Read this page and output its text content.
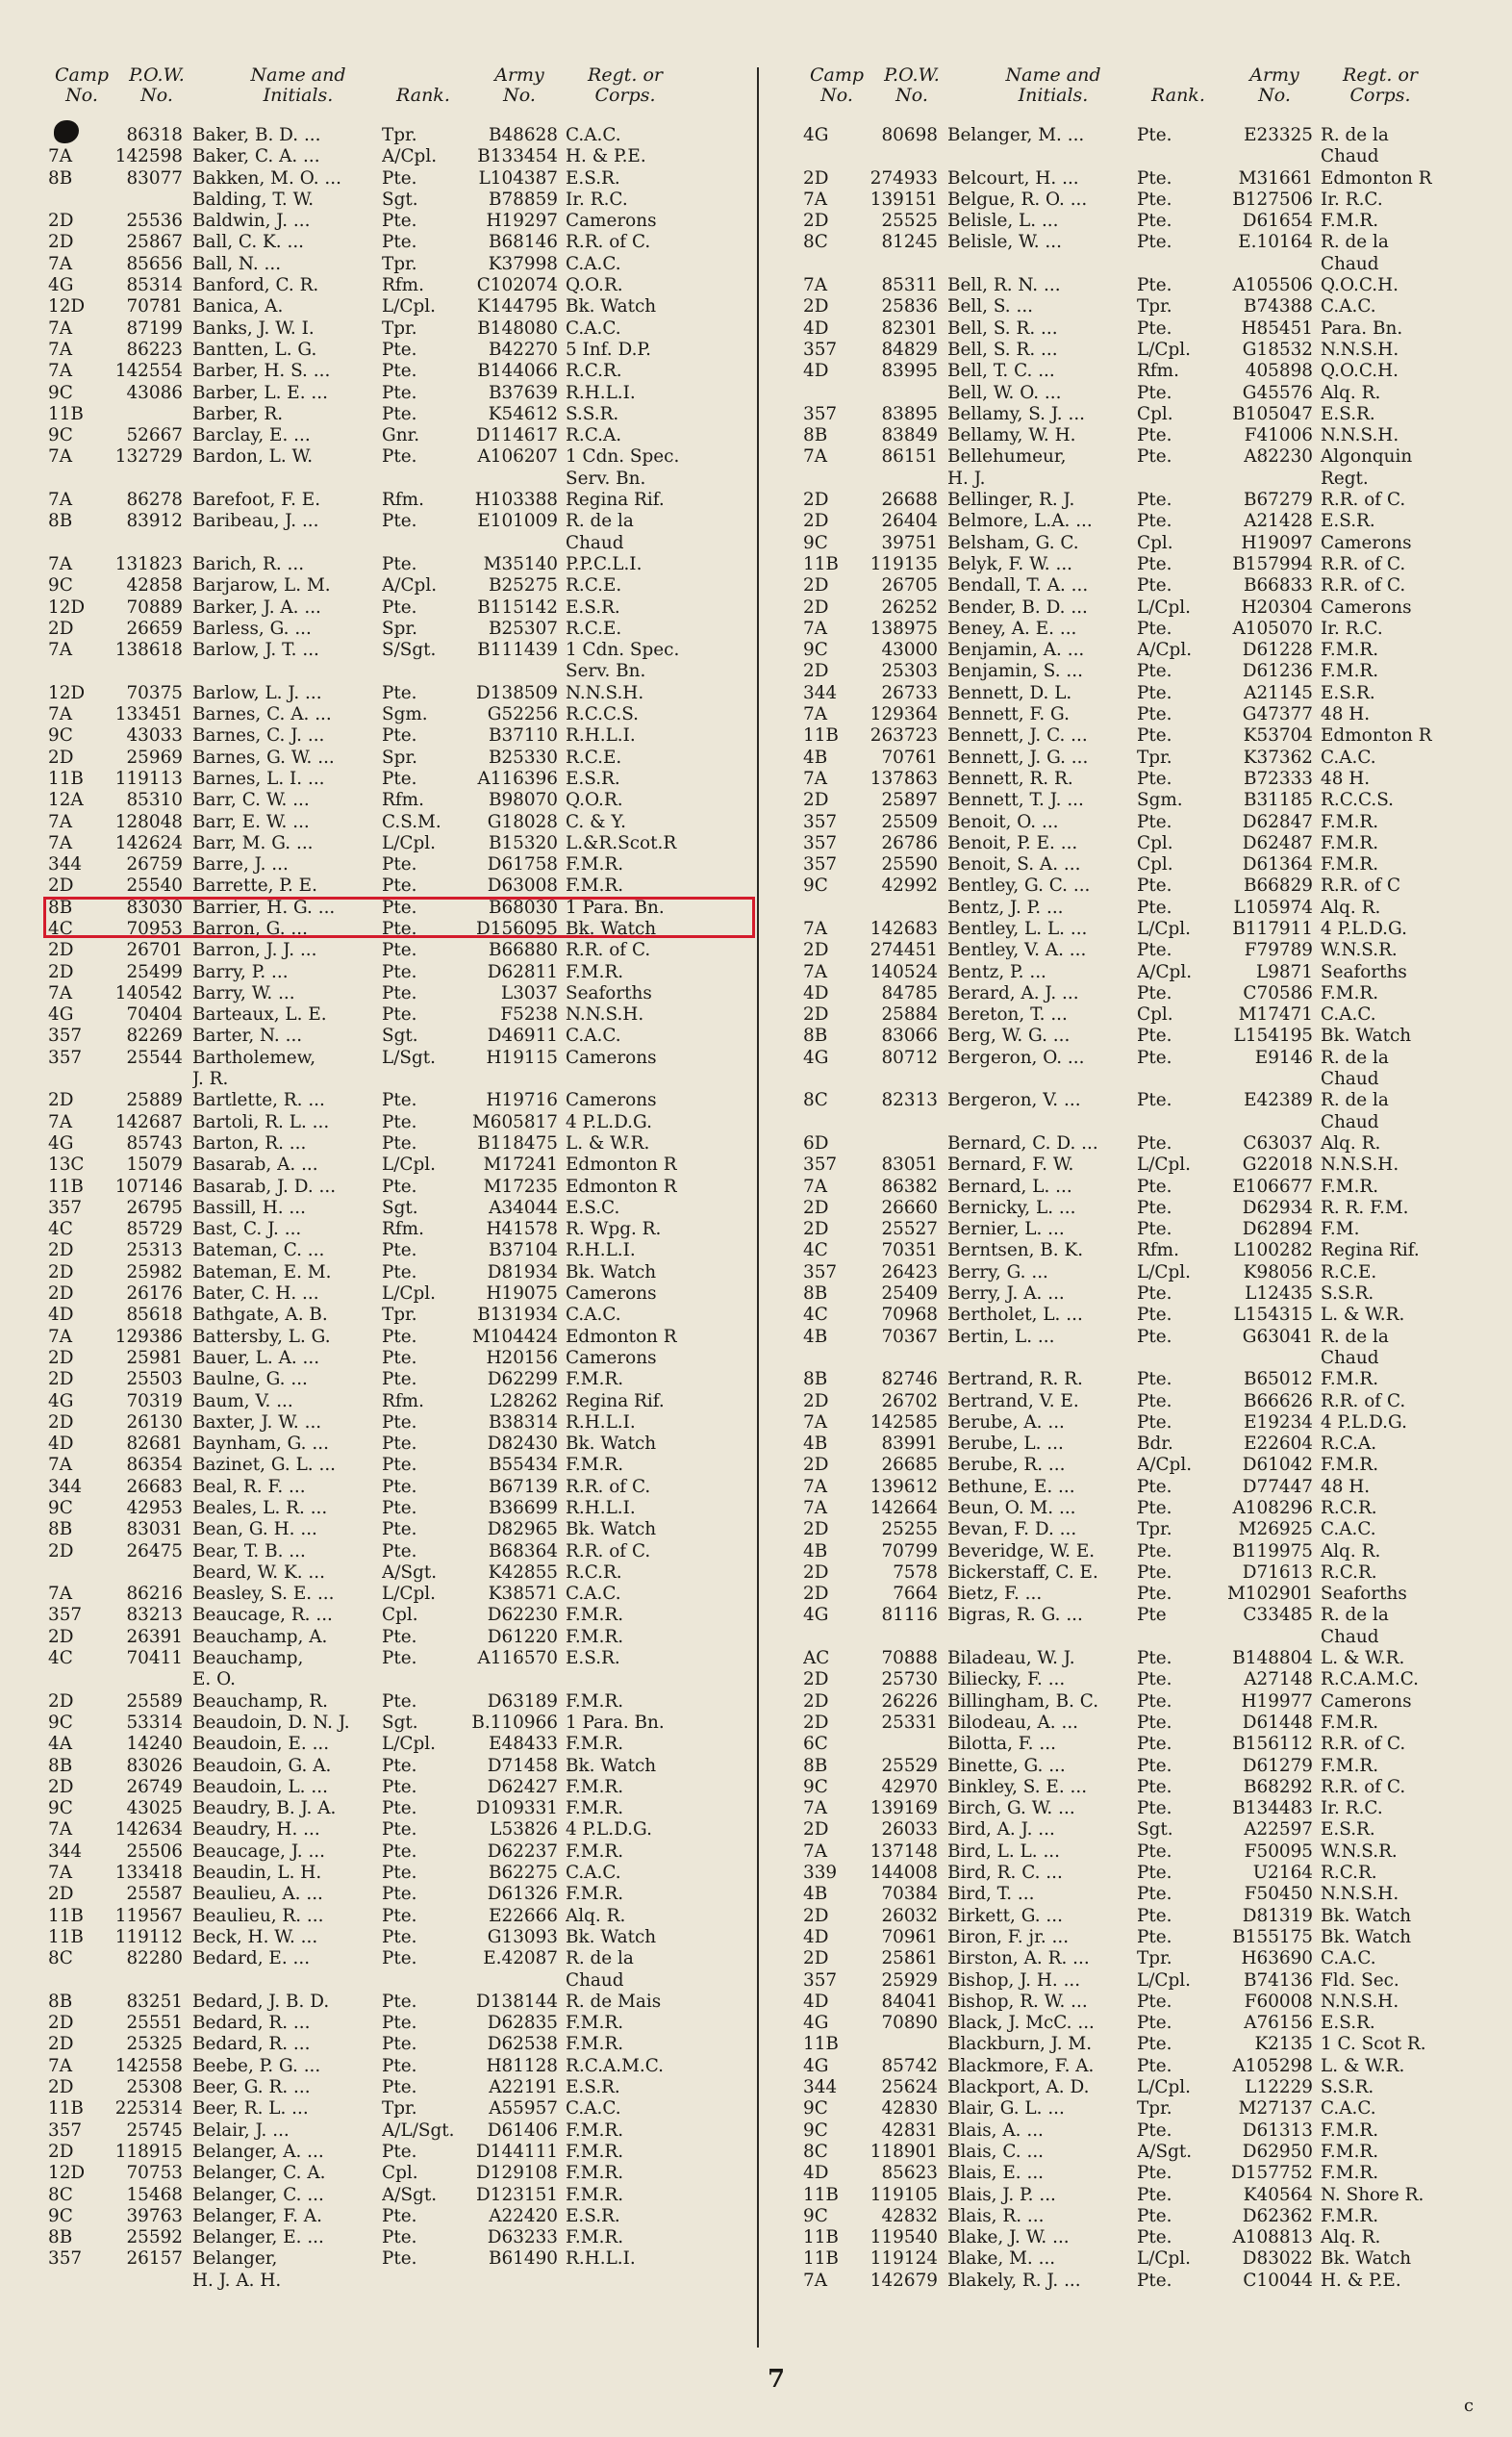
Camp
No.
P.O.W.
No.
Name and
Initials.	Rank.
Army
No.
Regt. or
Corps.
86318 Baker, B. D. ...	Tpr.	B48628 C.A.C.
7A	142598 Baker, C. A. ...	A/Cpl.	B133454 H. & P.E.
8B	83077 Bakken, M. O. ...	Pte.	L104387 E.S.R.
Balding, T. W.	Sgt.	B78859 Ir. R.C.
2D	25536 Baldwin, J. ...	Pte.	H19297 Camerons
2D	25867 Ball, C. K. ...	Pte.	B68146 R.R. of C.
7A	85656 Ball, N. ...	Tpr.	K37998 C.A.C.
4G	85314 Banford, C. R.	Rfm.	C102074 Q.O.R.
12D	70781 Banica, A.	L/Cpl.	K144795 Bk. Watch
7A	87199 Banks, J. W. I.	Tpr.	B148080 C.A.C.
7A	86223 Bantten, L. G.	Pte.	B42270 5 Inf. D.P.
7A	142554 Barber, H. S. ...	Pte.	B144066 R.C.R.
9C	43086 Barber, L. E. ...	Pte.	B37639 R.H.L.I.
11B	Barber, R.	Pte.	K54612 S.S.R.
9C	52667 Barclay, E. ...	Gnr.	D114617 R.C.A.
7A	132729 Bardon, L. W.	Pte.	A106207 1 Cdn. Spec.
Serv. Bn.
7A	86278 Barefoot, F. E.	Rfm.	H103388 Regina Rif.
8B	83912 Baribeau, J. ...	Pte.	E101009 R. de la
Chaud
7A	131823 Barich, R. ...	Pte.	M35140 P.P.C.L.I.
9C	42858 Barjarow, L. M.	A/Cpl.	B25275 R.C.E.
12D	70889 Barker, J. A. ...	Pte.	B115142 E.S.R.
2D	26659 Barless, G. ...	Spr.	B25307 R.C.E.
7A	138618 Barlow, J. T. ...	S/Sgt.	B111439 1 Cdn. Spec.
Serv. Bn.
12D	70375 Barlow, L. J. ...	Pte.	D138509 N.N.S.H.
7A	133451 Barnes, C. A. ...	Sgm.	G52256 R.C.C.S.
9C	43033 Barnes, C. J. ...	Pte.	B37110 R.H.L.I.
2D	25969 Barnes, G. W. ...	Spr.	B25330 R.C.E.
11B	119113 Barnes, L. I. ...	Pte.	A116396 E.S.R.
12A	85310 Barr, C. W. ...	Rfm.	B98070 Q.O.R.
7A	128048 Barr, E. W. ...	C.S.M.	G18028 C. & Y.
7A	142624 Barr, M. G. ...	L/Cpl.	B15320 L.&R.Scot.R
344	26759 Barre, J. ...	Pte.	D61758 F.M.R.
2D	25540 Barrette, P. E.	Pte.	D63008 F.M.R.
8B	83030 Barrier, H. G. ...	Pte.	B68030 1 Para. Bn.
4C	70953 Barron, G. ...	Pte.	D156095 Bk. Watch
2D	26701 Barron, J. J. ...	Pte.	B66880 R.R. of C.
2D	25499 Barry, P. ...	Pte.	D62811 F.M.R.
7A	140542 Barry, W. ...	Pte.	L3037 Seaforths
4G	70404 Barteaux, L. E.	Pte.	F5238 N.N.S.H.
357	82269 Barter, N. ...	Sgt.	D46911 C.A.C.
357	25544 Bartholemew,	L/Sgt.	H19115 Camerons
J. R.
2D	25889 Bartlette, R. ...	Pte.	H19716 Camerons
7A	142687 Bartoli, R. L. ...	Pte.	M605817 4 P.L.D.G.
4G	85743 Barton, R. ...	Pte.	B118475 L. & W.R.
13C	15079 Basarab, A. ...	L/Cpl.	M17241 Edmonton R
11B	107146 Basarab, J. D. ...	Pte.	M17235 Edmonton R
357	26795 Bassill, H. ...	Sgt.	A34044 E.S.C.
4C	85729 Bast, C. J. ...	Rfm.	H41578 R. Wpg. R.
2D	25313 Bateman, C. ...	Pte.	B37104 R.H.L.I.
2D	25982 Bateman, E. M.	Pte.	D81934 Bk. Watch
2D	26176 Bater, C. H. ...	L/Cpl.	H19075 Camerons
4D	85618 Bathgate, A. B.	Tpr.	B131934 C.A.C.
7A	129386 Battersby, L. G.	Pte.	M104424 Edmonton R
2D	25981 Bauer, L. A. ...	Pte.	H20156 Camerons
2D	25503 Baulne, G. ...	Pte.	D62299 F.M.R.
4G	70319 Baum, V. ...	Rfm.	L28262 Regina Rif.
2D	26130 Baxter, J. W. ...	Pte.	B38314 R.H.L.I.
4D	82681 Baynham, G. ...	Pte.	D82430 Bk. Watch
7A	86354 Bazinet, G. L. ...	Pte.	B55434 F.M.R.
344	26683 Beal, R. F. ...	Pte.	B67139 R.R. of C.
9C	42953 Beales, L. R. ...	Pte.	B36699 R.H.L.I.
8B	83031 Bean, G. H. ...	Pte.	D82965 Bk. Watch
2D	26475 Bear, T. B. ...	Pte.	B68364 R.R. of C.
Beard, W. K. ...	A/Sgt.	K42855 R.C.R.
7A	86216 Beasley, S. E. ...	L/Cpl.	K38571 C.A.C.
357	83213 Beaucage, R. ...	Cpl.	D62230 F.M.R.
2D	26391 Beauchamp, A.	Pte.	D61220 F.M.R.
4C	70411 Beauchamp,	Pte.	A116570 E.S.R.
E. O.
2D	25589 Beauchamp, R.	Pte.	D63189 F.M.R.
9C	53314 Beaudoin, D. N. J.	Sgt.	B.110966 1 Para. Bn.
4A	14240 Beaudoin, E. ...	L/Cpl.	E48433 F.M.R.
8B	83026 Beaudoin, G. A.	Pte.	D71458 Bk. Watch
2D	26749 Beaudoin, L. ...	Pte.	D62427 F.M.R.
9C	43025 Beaudry, B. J. A.	Pte.	D109331 F.M.R.
7A	142634 Beaudry, H. ...	Pte.	L53826 4 P.L.D.G.
344	25506 Beaucage, J. ...	Pte.	D62237 F.M.R.
7A	133418 Beaudin, L. H.	Pte.	B62275 C.A.C.
2D	25587 Beaulieu, A. ...	Pte.	D61326 F.M.R.
11B	119567 Beaulieu, R. ...	Pte.	E22666 Alq. R.
11B	119112 Beck, H. W. ...	Pte.	G13093 Bk. Watch
8C	82280 Bedard, E. ...	Pte.	E.42087 R. de la
Chaud
8B	83251 Bedard, J. B. D.	Pte.	D138144 R. de Mais
2D	25551 Bedard, R. ...	Pte.	D62835 F.M.R.
2D	25325 Bedard, R. ...	Pte.	D62538 F.M.R.
7A	142558 Beebe, P. G. ...	Pte.	H81128 R.C.A.M.C.
2D	25308 Beer, G. R. ...	Pte.	A22191 E.S.R.
11B	225314 Beer, R. L. ...	Tpr.	A55957 C.A.C.
357	25745 Belair, J. ...	A/L/Sgt.	D61406 F.M.R.
2D	118915 Belanger, A. ...	Pte.	D144111 F.M.R.
12D	70753 Belanger, C. A.	Cpl.	D129108 F.M.R.
8C	15468 Belanger, C. ...	A/Sgt.	D123151 F.M.R.
9C	39763 Belanger, F. A.	Pte.	A22420 E.S.R.
8B	25592 Belanger, E. ...	Pte.	D63233 F.M.R.
357	26157 Belanger,	Pte.	B61490 R.H.L.I.
H. J. A. H.
Camp
No.
P.O.W.
No.
Name and
Initials.	Rank.
Army
No.
Regt. or
Corps.
4G	80698 Belanger, M. ...	Pte.	E23325 R. de la
Chaud
2D	274933 Belcourt, H. ...	Pte.	M31661 Edmonton R
7A	139151 Belgue, R. O. ...	Pte.	B127506 Ir. R.C.
2D	25525 Belisle, L. ...	Pte.	D61654 F.M.R.
8C	81245 Belisle, W. ...	Pte.	E.10164 R. de la
Chaud
7A	85311 Bell, R. N. ...	Pte.	A105506 Q.O.C.H.
2D	25836 Bell, S. ...	Tpr.	B74388 C.A.C.
4D	82301 Bell, S. R. ...	Pte.	H85451 Para. Bn.
357	84829 Bell, S. R. ...	L/Cpl.	G18532 N.N.S.H.
4D	83995 Bell, T. C. ...	Rfm.	405898 Q.O.C.H.
Bell, W. O. ...	Pte.	G45576 Alq. R.
357	83895 Bellamy, S. J. ...	Cpl.	B105047 E.S.R.
8B	83849 Bellamy, W. H.	Pte.	F41006 N.N.S.H.
7A	86151 Bellehumeur,	Pte.	A82230 Algonquin
H. J.	Regt.
2D	26688 Bellinger, R. J.	Pte.	B67279 R.R. of C.
2D	26404 Belmore, L.A. ...	Pte.	A21428 E.S.R.
9C	39751 Belsham, G. C.	Cpl.	H19097 Camerons
11B	119135 Belyk, F. W. ...	Pte.	B157994 R.R. of C.
2D	26705 Bendall, T. A. ...	Pte.	B66833 R.R. of C.
2D	26252 Bender, B. D. ...	L/Cpl.	H20304 Camerons
7A	138975 Beney, A. E. ...	Pte.	A105070 Ir. R.C.
9C	43000 Benjamin, A. ...	A/Cpl.	D61228 F.M.R.
2D	25303 Benjamin, S. ...	Pte.	D61236 F.M.R.
344	26733 Bennett, D. L.	Pte.	A21145 E.S.R.
7A	129364 Bennett, F. G.	Pte.	G47377 48 H.
11B	263723 Bennett, J. C. ...	Pte.	K53704 Edmonton R
4B	70761 Bennett, J. G. ...	Tpr.	K37362 C.A.C.
7A	137863 Bennett, R. R.	Pte.	B72333 48 H.
2D	25897 Bennett, T. J. ...	Sgm.	B31185 R.C.C.S.
357	25509 Benoit, O. ...	Pte.	D62847 F.M.R.
357	26786 Benoit, P. E. ...	Cpl.	D62487 F.M.R.
357	25590 Benoit, S. A. ...	Cpl.	D61364 F.M.R.
9C	42992 Bentley, G. C. ...	Pte.	B66829 R.R. of C
Bentz, J. P. ...	Pte.	L105974 Alq. R.
7A	142683 Bentley, L. L. ...	L/Cpl.	B117911 4 P.L.D.G.
2D	274451 Bentley, V. A. ...	Pte.	F79789 W.N.S.R.
7A	140524 Bentz, P. ...	A/Cpl.	L9871 Seaforths
4D	84785 Berard, A. J. ...	Pte.	C70586 F.M.R.
2D	25884 Bereton, T. ...	Cpl.	M17471 C.A.C.
8B	83066 Berg, W. G. ...	Pte.	L154195 Bk. Watch
4G	80712 Bergeron, O. ...	Pte.	E9146 R. de la
Chaud
8C	82313 Bergeron, V. ...	Pte.	E42389 R. de la
Chaud
6D	Bernard, C. D. ...	Pte.	C63037 Alq. R.
357	83051 Bernard, F. W.	L/Cpl.	G22018 N.N.S.H.
7A	86382 Bernard, L. ...	Pte.	E106677 F.M.R.
2D	26660 Bernicky, L. ...	Pte.	D62934 R. R. F.M.
2D	25527 Bernier, L. ...	Pte.	D62894 F.M.
4C	70351 Berntsen, B. K.	Rfm.	L100282 Regina Rif.
357	26423 Berry, G. ...	L/Cpl.	K98056 R.C.E.
8B	25409 Berry, J. A. ...	Pte.	L12435 S.S.R.
4C	70968 Bertholet, L. ...	Pte.	L154315 L. & W.R.
4B	70367 Bertin, L. ...	Pte.	G63041 R. de la
Chaud
8B	82746 Bertrand, R. R.	Pte.	B65012 F.M.R.
2D	26702 Bertrand, V. E.	Pte.	B66626 R.R. of C.
7A	142585 Berube, A. ...	Pte.	E19234 4 P.L.D.G.
4B	83991 Berube, L. ...	Bdr.	E22604 R.C.A.
2D	26685 Berube, R. ...	A/Cpl.	D61042 F.M.R.
7A	139612 Bethune, E. ...	Pte.	D77447 48 H.
7A	142664 Beun, O. M. ...	Pte.	A108296 R.C.R.
2D	25255 Bevan, F. D. ...	Tpr.	M26925 C.A.C.
4B	70799 Beveridge, W. E.	Pte.	B119975 Alq. R.
2D	7578 Bickerstaff, C. E.	Pte.	D71613 R.C.R.
2D	7664 Bietz, F. ...	Pte.	M102901 Seaforths
4G	81116 Bigras, R. G. ...	Pte	C33485 R. de la
Chaud
AC	70888 Biladeau, W. J.	Pte.	B148804 L. & W.R.
2D	25730 Biliecky, F. ...	Pte.	A27148 R.C.A.M.C.
2D	26226 Billingham, B. C.	Pte.	H19977 Camerons
2D	25331 Bilodeau, A. ...	Pte.	D61448 F.M.R.
6C	Bilotta, F. ...	Pte.	B156112 R.R. of C.
8B	25529 Binette, G. ...	Pte.	D61279 F.M.R.
9C	42970 Binkley, S. E. ...	Pte.	B68292 R.R. of C.
7A	139169 Birch, G. W. ...	Pte.	B134483 Ir. R.C.
2D	26033 Bird, A. J. ...	Sgt.	A22597 E.S.R.
7A	137148 Bird, L. L. ...	Pte.	F50095 W.N.S.R.
339	144008 Bird, R. C. ...	Pte.	U2164 R.C.R.
4B	70384 Bird, T. ...	Pte.	F50450 N.N.S.H.
2D	26032 Birkett, G. ...	Pte.	D81319 Bk. Watch
4D	70961 Biron, F. jr. ...	Pte.	B155175 Bk. Watch
2D	25861 Birston, A. R. ...	Tpr.	H63690 C.A.C.
357	25929 Bishop, J. H. ...	L/Cpl.	B74136 Fld. Sec.
4D	84041 Bishop, R. W. ...	Pte.	F60008 N.N.S.H.
4G	70890 Black, J. McC. ...	Pte.	A76156 E.S.R.
11B	Blackburn, J. M.	Pte.	K2135 1 C. Scot R.
4G	85742 Blackmore, F. A.	Pte.	A105298 L. & W.R.
344	25624 Blackport, A. D.	L/Cpl.	L12229 S.S.R.
9C	42830 Blair, G. L. ...	Tpr.	M27137 C.A.C.
9C	42831 Blais, A. ...	Pte.	D61313 F.M.R.
8C	118901 Blais, C. ...	A/Sgt.	D62950 F.M.R.
4D	85623 Blais, E. ...	Pte.	D157752 F.M.R.
11B	119105 Blais, J. P. ...	Pte.	K40564 N. Shore R.
9C	42832 Blais, R. ...	Pte.	D62362 F.M.R.
11B	119540 Blake, J. W. ...	Pte.	A108813 Alq. R.
11B	119124 Blake, M. ...	L/Cpl.	D83022 Bk. Watch
7A	142679 Blakely, R. J. ...	Pte.	C10044 H. & P.E.
7
c
